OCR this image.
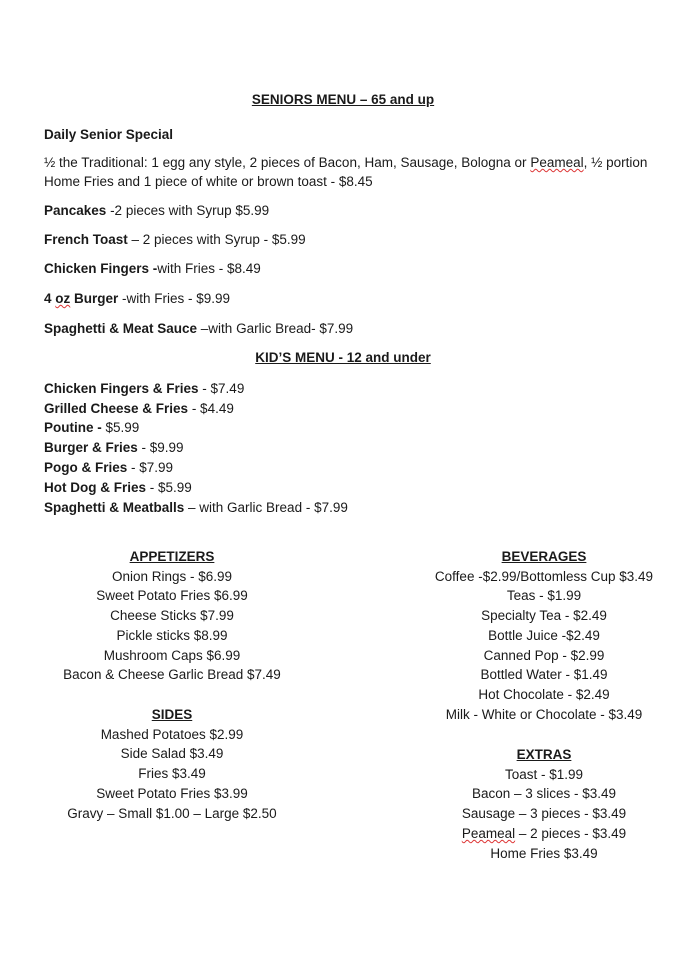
SENIORS MENU – 65 and up
Daily Senior Special
½ the Traditional: 1 egg any style, 2 pieces of Bacon, Ham, Sausage, Bologna or Peameal, ½ portion
Home Fries and 1 piece of white or brown toast - $8.45
Pancakes -2 pieces with Syrup $5.99
French Toast – 2 pieces with Syrup - $5.99
Chicken Fingers -with Fries - $8.49
4 oz Burger -with Fries - $9.99
Spaghetti & Meat Sauce –with Garlic Bread- $7.99
KID’S MENU - 12 and under
Chicken Fingers & Fries - $7.49
Grilled Cheese & Fries - $4.49
Poutine - $5.99
Burger & Fries - $9.99
Pogo & Fries - $7.99
Hot Dog & Fries - $5.99
Spaghetti & Meatballs – with Garlic Bread - $7.99
APPETIZERS
Onion Rings - $6.99
Sweet Potato Fries $6.99
Cheese Sticks $7.99
Pickle sticks $8.99
Mushroom Caps $6.99
Bacon & Cheese Garlic Bread $7.49
SIDES
Mashed Potatoes $2.99
Side Salad $3.49
Fries $3.49
Sweet Potato Fries $3.99
Gravy – Small $1.00 – Large $2.50
BEVERAGES
Coffee -$2.99/Bottomless Cup $3.49
Teas - $1.99
Specialty Tea - $2.49
Bottle Juice -$2.49
Canned Pop - $2.99
Bottled Water - $1.49
Hot Chocolate - $2.49
Milk - White or Chocolate - $3.49
EXTRAS
Toast - $1.99
Bacon – 3 slices - $3.49
Sausage – 3 pieces - $3.49
Peameal – 2 pieces - $3.49
Home Fries $3.49
